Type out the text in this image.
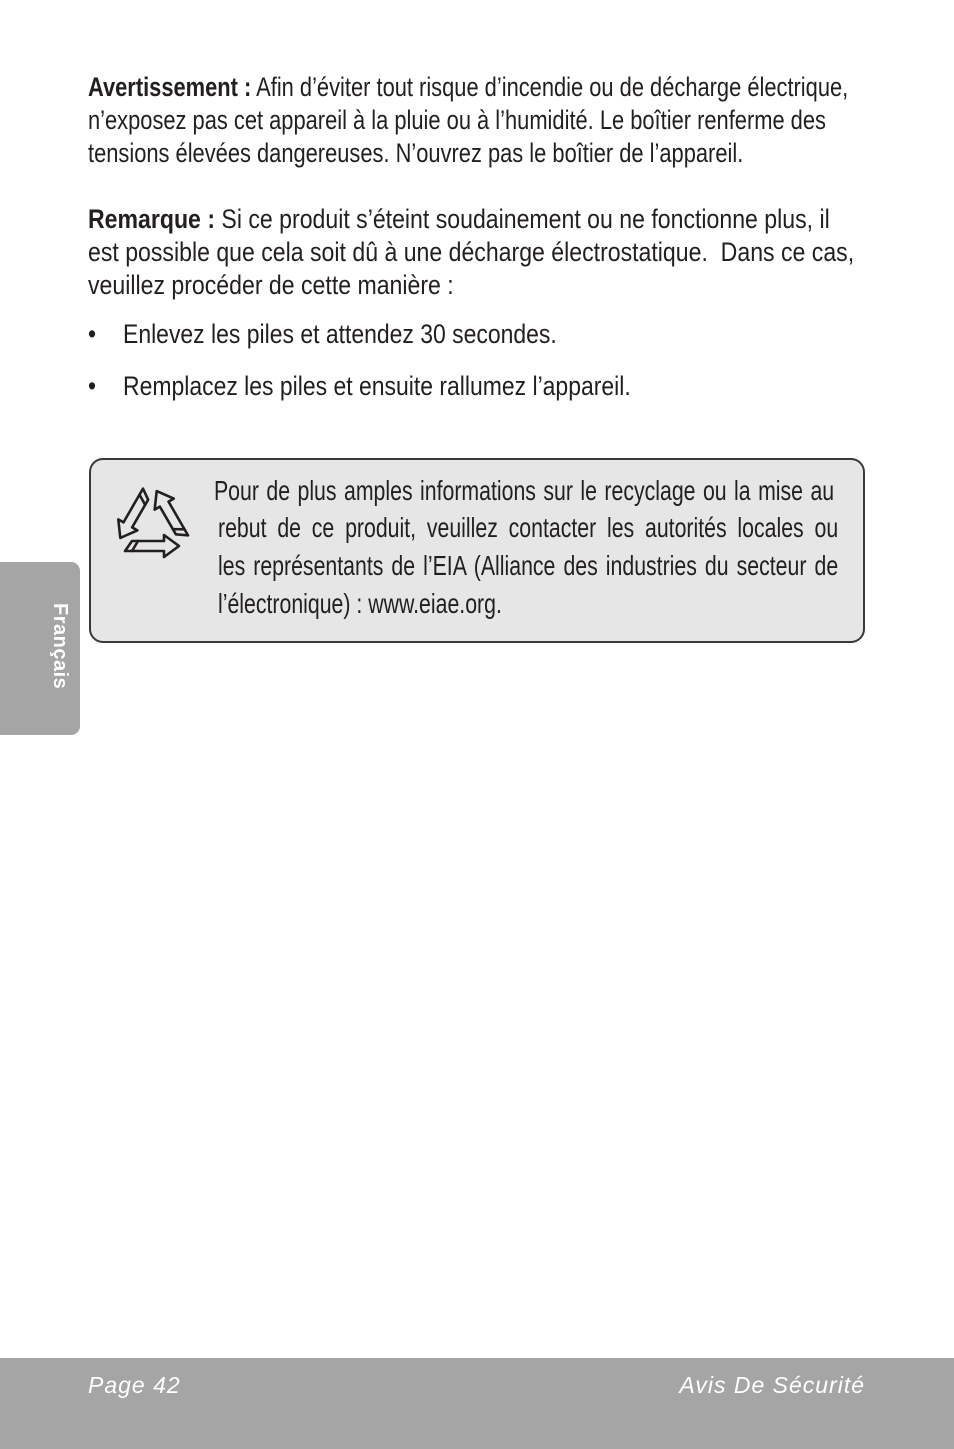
Avertissement : Afin d’éviter tout risque d’incendie ou de décharge électrique,
n’exposez pas cet appareil à la pluie ou à l’humidité. Le boîtier renferme des
tensions élevées dangereuses. N’ouvrez pas le boîtier de l’appareil.
Remarque : Si ce produit s’éteint soudainement ou ne fonctionne plus, il
est possible que cela soit dû à une décharge électrostatique.  Dans ce cas,
veuillez procéder de cette manière :
• Enlevez les piles et attendez 30 secondes.
• Remplacez les piles et ensuite rallumez l’appareil.
Pour de plus amples informations sur le recyclage ou la mise au
rebut de ce produit, veuillez contacter les autorités locales ou
les représentants de l’EIA (Alliance des industries du secteur de
l’électronique) : www.eiae.org.
Français
Page 42	Avis De Sécurité
